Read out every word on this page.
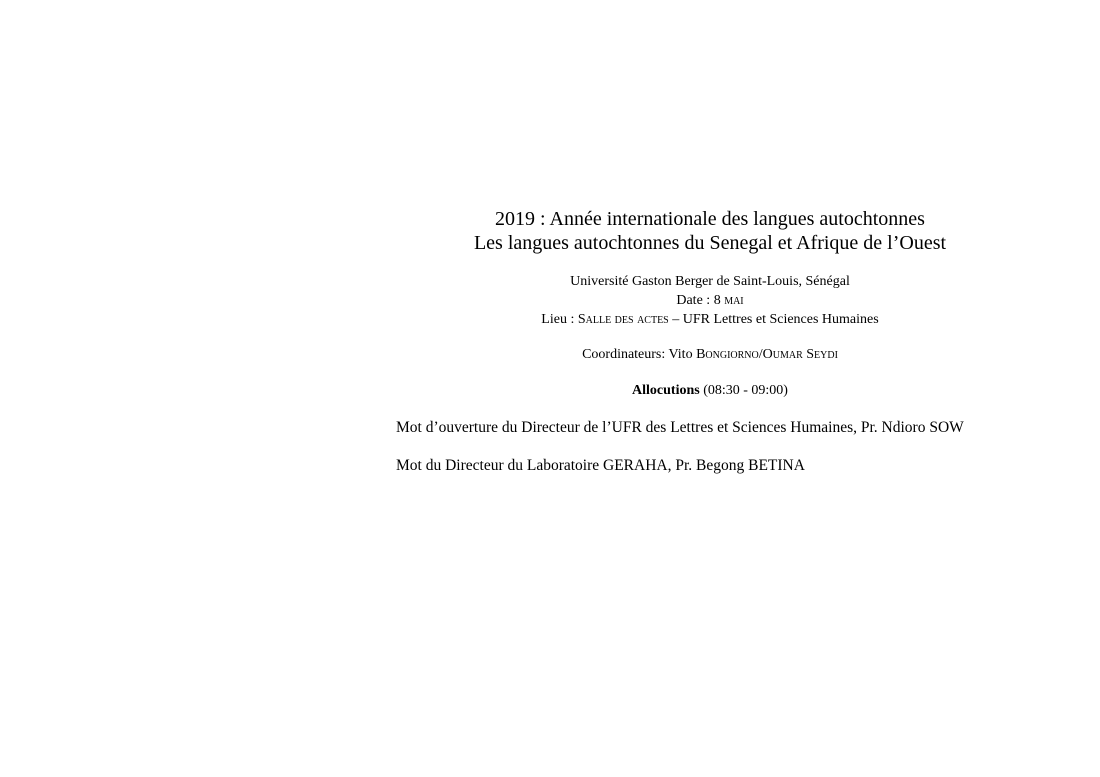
2019 : Année internationale des langues autochtonnes
Les langues autochtonnes du Senegal et Afrique de l’Ouest
Université Gaston Berger de Saint-Louis, Sénégal
Date : 8 mai
Lieu : Salle des actes – UFR Lettres et Sciences Humaines
Coordinateurs: Vito Bongiorno/Oumar Seydi
Allocutions (08:30 - 09:00)
Mot d’ouverture du Directeur de l’UFR des Lettres et Sciences Humaines, Pr. Ndioro SOW
Mot du Directeur du Laboratoire GERAHA, Pr. Begong BETINA
